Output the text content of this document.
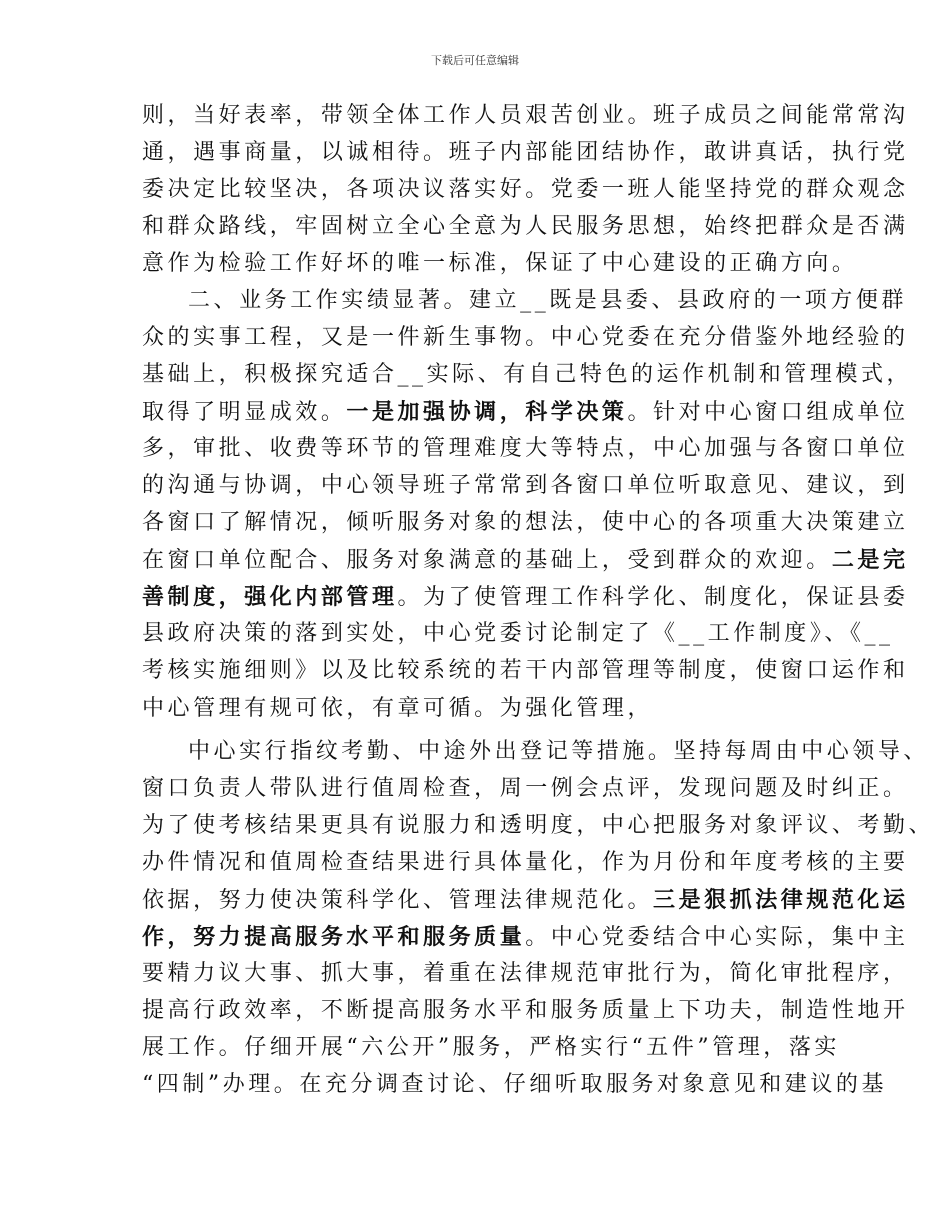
下载后可任意编辑
则，当好表率，带领全体工作人员艰苦创业。班子成员之间能常常沟
通，遇事商量，以诚相待。班子内部能团结协作，敢讲真话，执行党
委决定比较坚决，各项决议落实好。党委一班人能坚持党的群众观念
和群众路线，牢固树立全心全意为人民服务思想，始终把群众是否满
意作为检验工作好坏的唯一标准，保证了中心建设的正确方向。
二、业务工作实绩显著。建立__既是县委、县政府的一项方便群
众的实事工程，又是一件新生事物。中心党委在充分借鉴外地经验的
基础上，积极探究适合__实际、有自己特色的运作机制和管理模式，
取得了明显成效。一是加强协调，科学决策。针对中心窗口组成单位
多，审批、收费等环节的管理难度大等特点，中心加强与各窗口单位
的沟通与协调，中心领导班子常常到各窗口单位听取意见、建议，到
各窗口了解情况，倾听服务对象的想法，使中心的各项重大决策建立
在窗口单位配合、服务对象满意的基础上，受到群众的欢迎。二是完
善制度，强化内部管理。为了使管理工作科学化、制度化，保证县委
县政府决策的落到实处，中心党委讨论制定了《__工作制度》、《__
考核实施细则》以及比较系统的若干内部管理等制度，使窗口运作和
中心管理有规可依，有章可循。为强化管理，
中心实行指纹考勤、中途外出登记等措施。坚持每周由中心领导、
窗口负责人带队进行值周检查，周一例会点评，发现问题及时纠正。
为了使考核结果更具有说服力和透明度，中心把服务对象评议、考勤、
办件情况和值周检查结果进行具体量化，作为月份和年度考核的主要
依据，努力使决策科学化、管理法律规范化。三是狠抓法律规范化运
作，努力提高服务水平和服务质量。中心党委结合中心实际，集中主
要精力议大事、抓大事，着重在法律规范审批行为，简化审批程序，
提高行政效率，不断提高服务水平和服务质量上下功夫，制造性地开
展工作。仔细开展“六公开”服务，严格实行“五件”管理，落实
“四制”办理。在充分调查讨论、仔细听取服务对象意见和建议的基
